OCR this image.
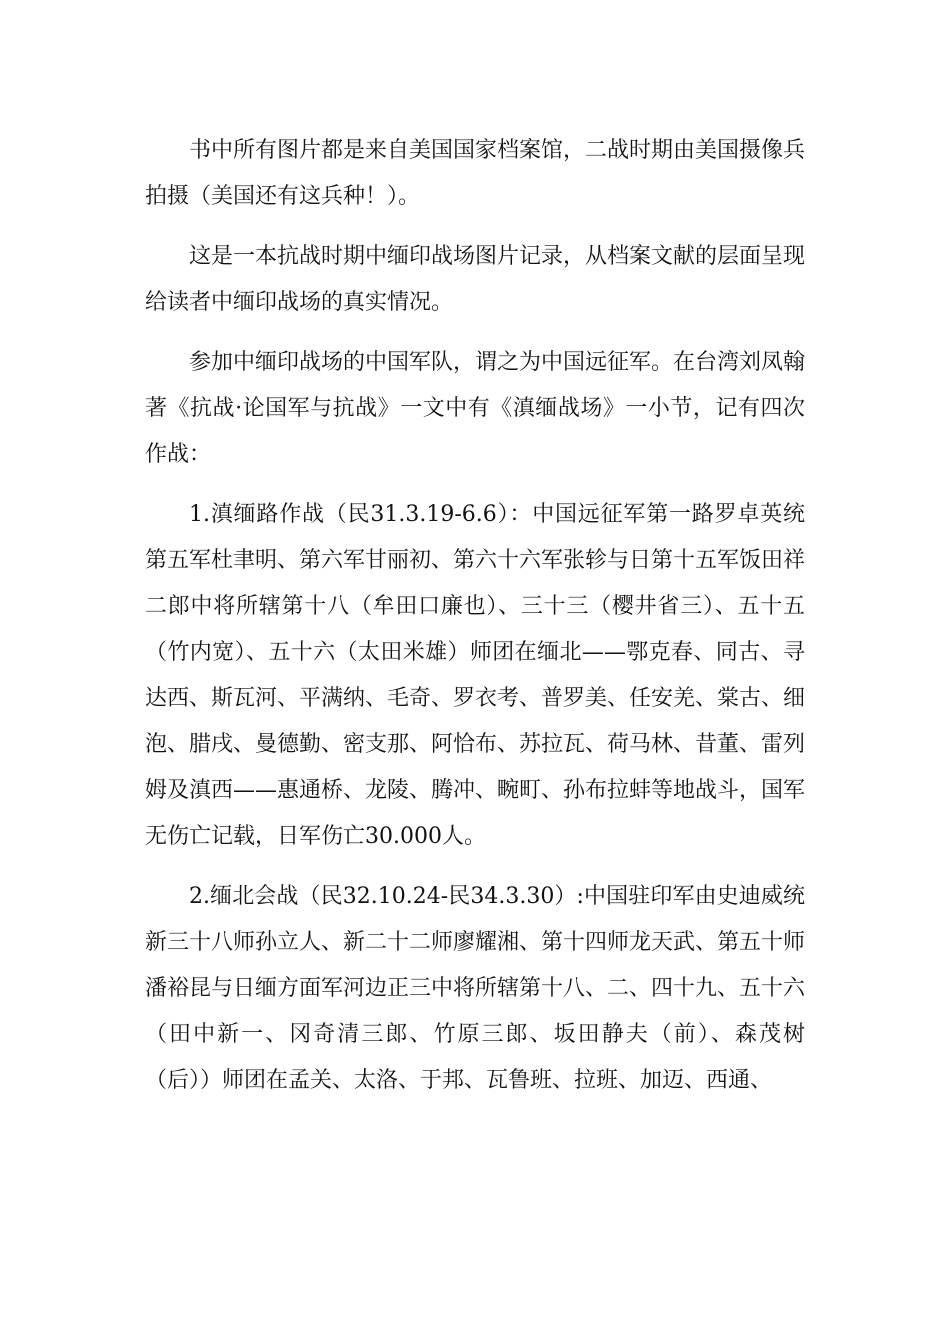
书中所有图片都是来自美国国家档案馆，二战时期由美国摄像兵拍摄（美国还有这兵种！）。

这是一本抗战时期中缅印战场图片记录，从档案文献的层面呈现给读者中缅印战场的真实情况。

参加中缅印战场的中国军队，谓之为中国远征军。在台湾刘凤翰著《抗战·论国军与抗战》一文中有《滇缅战场》一小节，记有四次作战：

1.滇缅路作战（民31.3.19-6.6）：中国远征军第一路罗卓英统第五军杜聿明、第六军甘丽初、第六十六军张轸与日第十五军饭田祥二郎中将所辖第十八（牟田口廉也）、三十三（樱井省三）、五十五（竹内宽）、五十六（太田米雄）师团在缅北——鄂克春、同古、寻达西、斯瓦河、平满纳、毛奇、罗衣考、普罗美、任安羌、棠古、细泡、腊戌、曼德勤、密支那、阿恰布、苏拉瓦、荷马林、昔董、雷列姆及滇西——惠通桥、龙陵、腾冲、畹町、孙布拉蚌等地战斗，国军无伤亡记载，日军伤亡30.000人。

2.缅北会战（民32.10.24-民34.3.30）:中国驻印军由史迪威统新三十八师孙立人、新二十二师廖耀湘、第十四师龙天武、第五十师潘裕昆与日缅方面军河边正三中将所辖第十八、二、四十九、五十六（田中新一、冈奇清三郎、竹原三郎、坂田静夫（前）、森茂树（后））师团在孟关、太洛、于邦、瓦鲁班、拉班、加迈、西通、
